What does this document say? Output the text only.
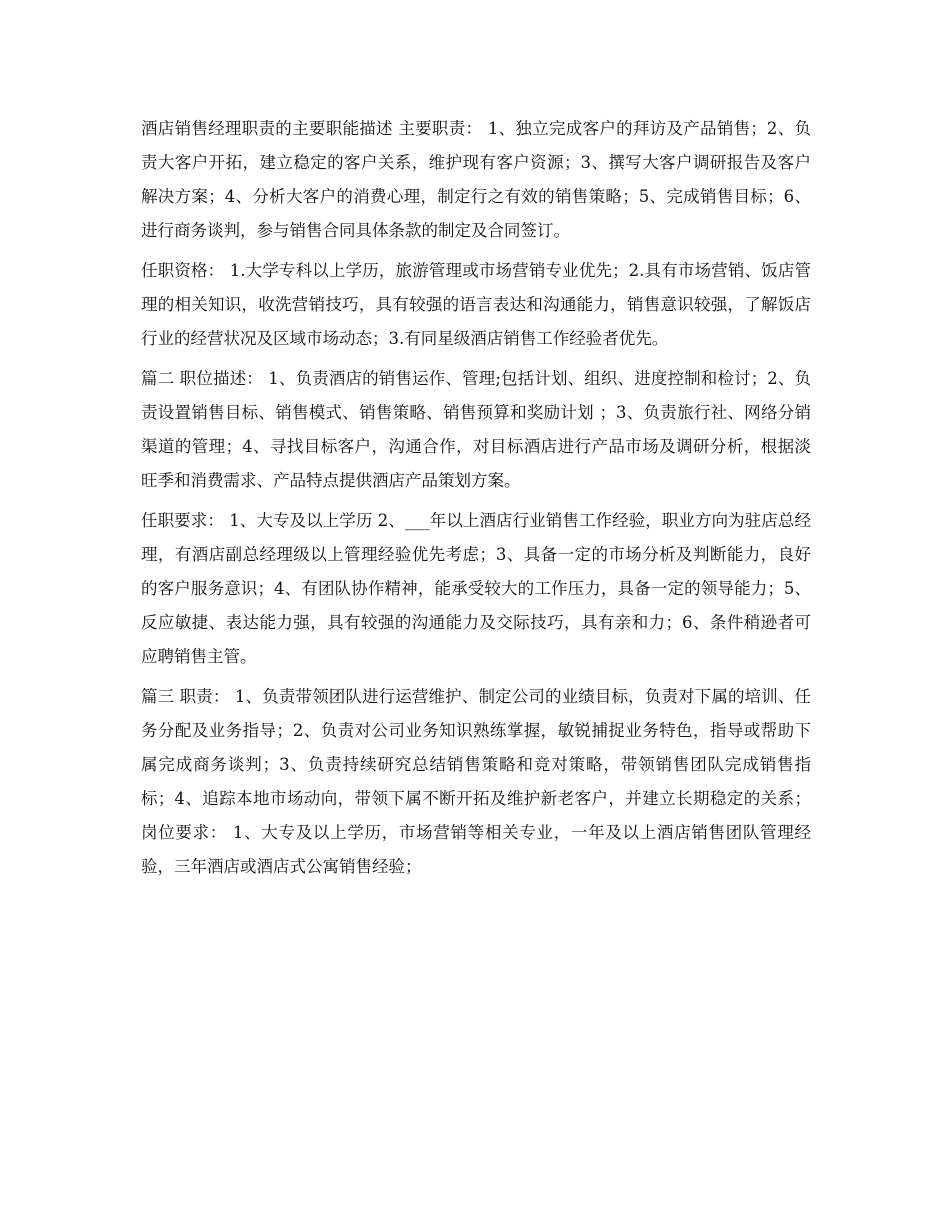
酒店销售经理职责的主要职能描述 主要职责： 1、独立完成客户的拜访及产品销售；2、负责大客户开拓，建立稳定的客户关系，维护现有客户资源；3、撰写大客户调研报告及客户解决方案；4、分析大客户的消费心理，制定行之有效的销售策略；5、完成销售目标；6、进行商务谈判，参与销售合同具体条款的制定及合同签订。

任职资格： 1.大学专科以上学历，旅游管理或市场营销专业优先；2.具有市场营销、饭店管理的相关知识，收洗营销技巧，具有较强的语言表达和沟通能力，销售意识较强，了解饭店行业的经营状况及区域市场动态；3.有同星级酒店销售工作经验者优先。

篇二 职位描述： 1、负责酒店的销售运作、管理;包括计划、组织、进度控制和检讨；2、负责设置销售目标、销售模式、销售策略、销售预算和奖励计划 ；3、负责旅行社、网络分销渠道的管理；4、寻找目标客户，沟通合作，对目标酒店进行产品市场及调研分析，根据淡旺季和消费需求、产品特点提供酒店产品策划方案。

任职要求： 1、大专及以上学历 2、___年以上酒店行业销售工作经验，职业方向为驻店总经理，有酒店副总经理级以上管理经验优先考虑；3、具备一定的市场分析及判断能力，良好的客户服务意识；4、有团队协作精神，能承受较大的工作压力，具备一定的领导能力；5、反应敏捷、表达能力强，具有较强的沟通能力及交际技巧，具有亲和力；6、条件稍逊者可应聘销售主管。

篇三 职责： 1、负责带领团队进行运营维护、制定公司的业绩目标，负责对下属的培训、任务分配及业务指导；2、负责对公司业务知识熟练掌握，敏锐捕捉业务特色，指导或帮助下属完成商务谈判；3、负责持续研究总结销售策略和竞对策略，带领销售团队完成销售指标；4、追踪本地市场动向，带领下属不断开拓及维护新老客户，并建立长期稳定的关系；岗位要求： 1、大专及以上学历，市场营销等相关专业，一年及以上酒店销售团队管理经验，三年酒店或酒店式公寓销售经验；
